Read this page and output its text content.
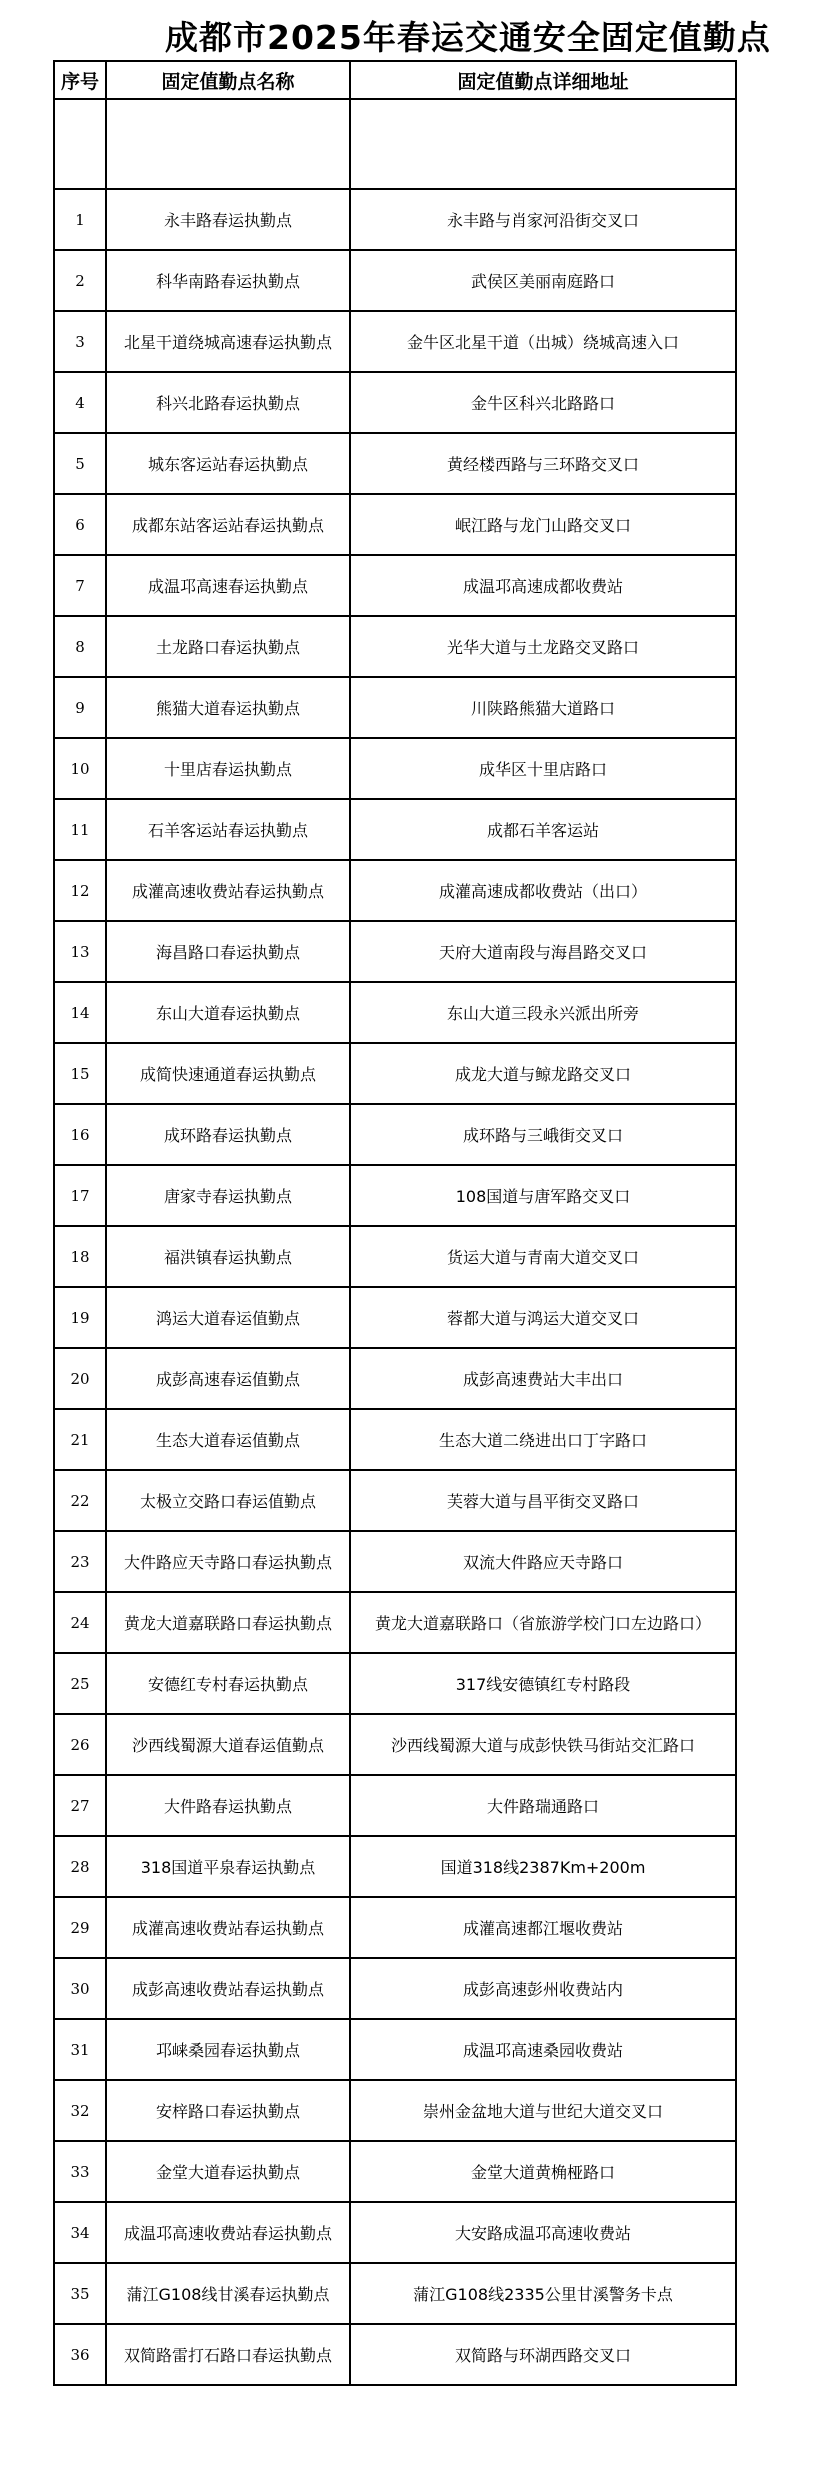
成都市2025年春运交通安全固定值勤点
序号	固定值勤点名称	固定值勤点详细地址

1	永丰路春运执勤点	永丰路与肖家河沿街交叉口
2	科华南路春运执勤点	武侯区美丽南庭路口
3	北星干道绕城高速春运执勤点	金牛区北星干道（出城）绕城高速入口
4	科兴北路春运执勤点	金牛区科兴北路路口
5	城东客运站春运执勤点	黄经楼西路与三环路交叉口
6	成都东站客运站春运执勤点	岷江路与龙门山路交叉口
7	成温邛高速春运执勤点	成温邛高速成都收费站
8	土龙路口春运执勤点	光华大道与土龙路交叉路口
9	熊猫大道春运执勤点	川陕路熊猫大道路口
10	十里店春运执勤点	成华区十里店路口
11	石羊客运站春运执勤点	成都石羊客运站
12	成灌高速收费站春运执勤点	成灌高速成都收费站（出口）
13	海昌路口春运执勤点	天府大道南段与海昌路交叉口
14	东山大道春运执勤点	东山大道三段永兴派出所旁
15	成简快速通道春运执勤点	成龙大道与鲸龙路交叉口
16	成环路春运执勤点	成环路与三峨街交叉口
17	唐家寺春运执勤点	108国道与唐军路交叉口
18	福洪镇春运执勤点	货运大道与青南大道交叉口
19	鸿运大道春运值勤点	蓉都大道与鸿运大道交叉口
20	成彭高速春运值勤点	成彭高速费站大丰出口
21	生态大道春运值勤点	生态大道二绕进出口丁字路口
22	太极立交路口春运值勤点	芙蓉大道与昌平街交叉路口
23	大件路应天寺路口春运执勤点	双流大件路应天寺路口
24	黄龙大道嘉联路口春运执勤点	黄龙大道嘉联路口（省旅游学校门口左边路口）
25	安德红专村春运执勤点	317线安德镇红专村路段
26	沙西线蜀源大道春运值勤点	沙西线蜀源大道与成彭快铁马街站交汇路口
27	大件路春运执勤点	大件路瑞通路口
28	318国道平泉春运执勤点	国道318线2387Km+200m
29	成灌高速收费站春运执勤点	成灌高速都江堰收费站
30	成彭高速收费站春运执勤点	成彭高速彭州收费站内
31	邛崃桑园春运执勤点	成温邛高速桑园收费站
32	安梓路口春运执勤点	崇州金盆地大道与世纪大道交叉口
33	金堂大道春运执勤点	金堂大道黄桷桠路口
34	成温邛高速收费站春运执勤点	大安路成温邛高速收费站
35	蒲江G108线甘溪春运执勤点	蒲江G108线2335公里甘溪警务卡点
36	双简路雷打石路口春运执勤点	双简路与环湖西路交叉口
